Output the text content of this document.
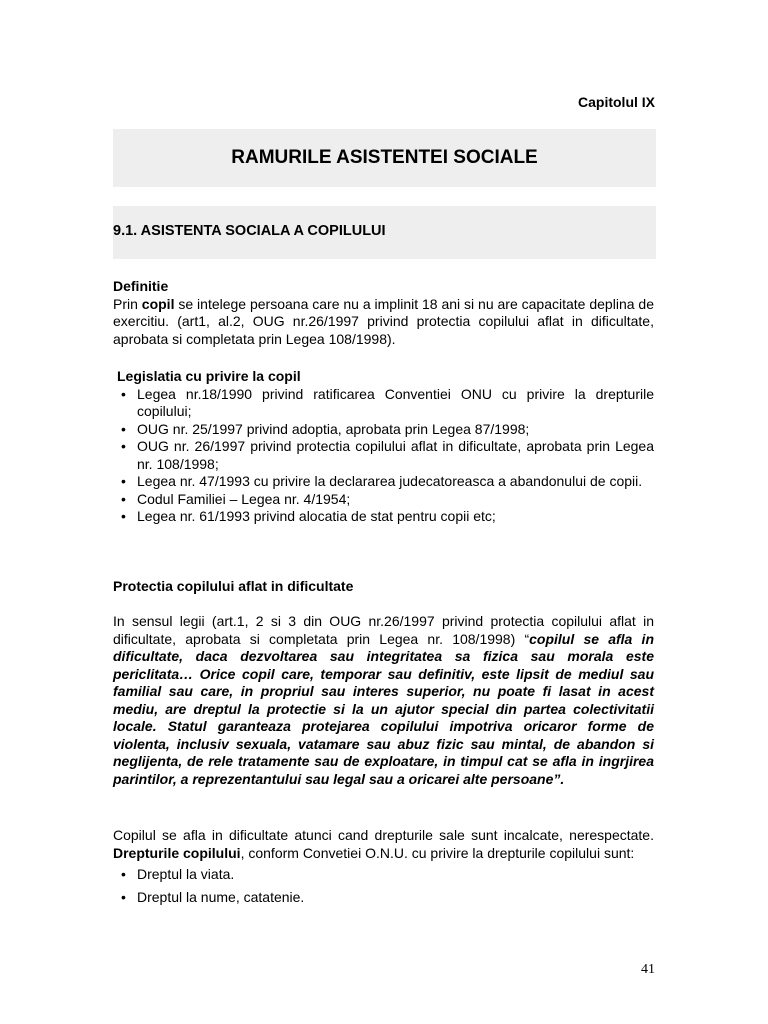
Capitolul IX
RAMURILE ASISTENTEI SOCIALE
9.1. ASISTENTA SOCIALA A COPILULUI
Definitie
Prin copil se intelege persoana care nu a implinit 18 ani si nu are capacitate deplina de exercitiu. (art1, al.2, OUG nr.26/1997 privind protectia copilului aflat in dificultate, aprobata si completata prin Legea 108/1998).
Legislatia cu privire la copil
• Legea nr.18/1990 privind ratificarea Conventiei ONU cu privire la drepturile copilului;
• OUG nr. 25/1997 privind adoptia, aprobata prin Legea 87/1998;
• OUG nr. 26/1997 privind protectia copilului aflat in dificultate, aprobata prin Legea nr. 108/1998;
• Legea nr. 47/1993 cu privire la declararea judecatoreasca a abandonului de copii.
• Codul Familiei – Legea nr. 4/1954;
• Legea nr. 61/1993 privind alocatia de stat pentru copii etc;
Protectia copilului aflat in dificultate
In sensul legii (art.1, 2 si 3 din OUG nr.26/1997 privind protectia copilului aflat in dificultate, aprobata si completata prin Legea nr. 108/1998) “copilul se afla in dificultate, daca dezvoltarea sau integritatea sa fizica sau morala este periclitata… Orice copil care, temporar sau definitiv, este lipsit de mediul sau familial sau care, in propriul sau interes superior, nu poate fi lasat in acest mediu, are dreptul la protectie si la un ajutor special din partea colectivitatii locale. Statul garanteaza protejarea copilului impotriva oricaror forme de violenta, inclusiv sexuala, vatamare sau abuz fizic sau mintal, de abandon si neglijenta, de rele tratamente sau de exploatare, in timpul cat se afla in ingrjirea parintilor, a reprezentantului sau legal sau a oricarei alte persoane”.
Copilul se afla in dificultate atunci cand drepturile sale sunt incalcate, nerespectate. Drepturile copilului, conform Convetiei O.N.U. cu privire la drepturile copilului sunt:
• Dreptul la viata.
• Dreptul la nume, catatenie.
41
